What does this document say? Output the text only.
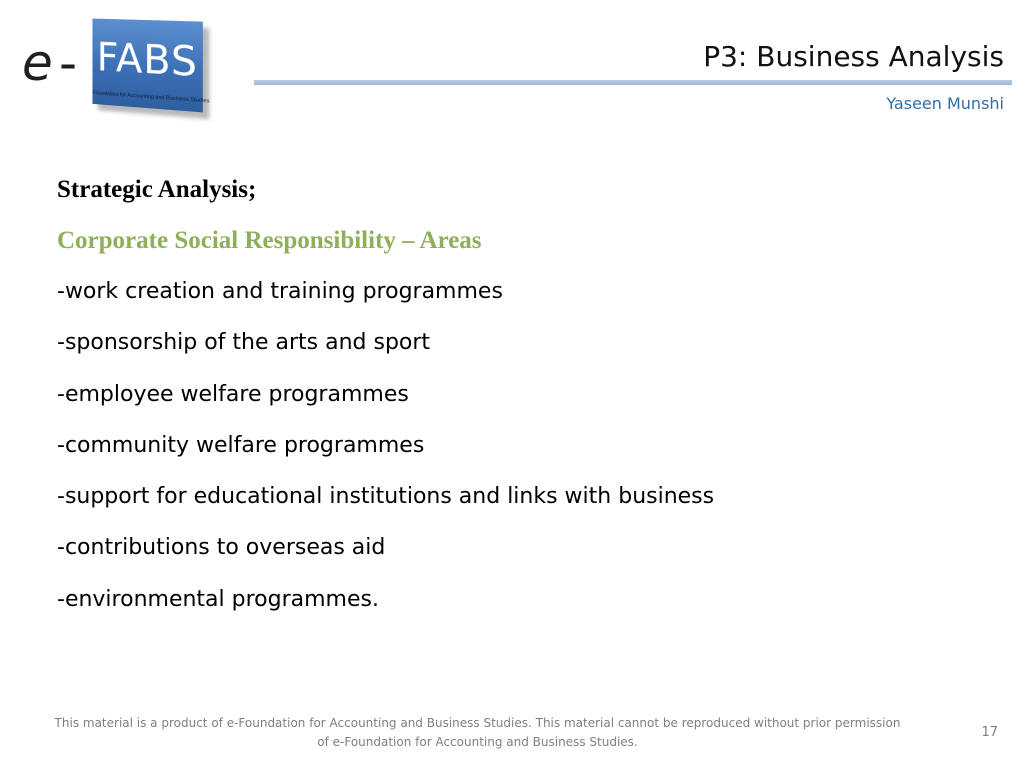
e - FABS
Foundation for Accounting and Business Studies
P3: Business Analysis
Yaseen Munshi
Strategic Analysis;
Corporate Social Responsibility – Areas
-work creation and training programmes
-sponsorship of the arts and sport
-employee welfare programmes
-community welfare programmes
-support for educational institutions and links with business
-contributions to overseas aid
-environmental programmes.
This material is a product of e-Foundation for Accounting and Business Studies. This material cannot be reproduced without prior permission
of e-Foundation for Accounting and Business Studies.
17
